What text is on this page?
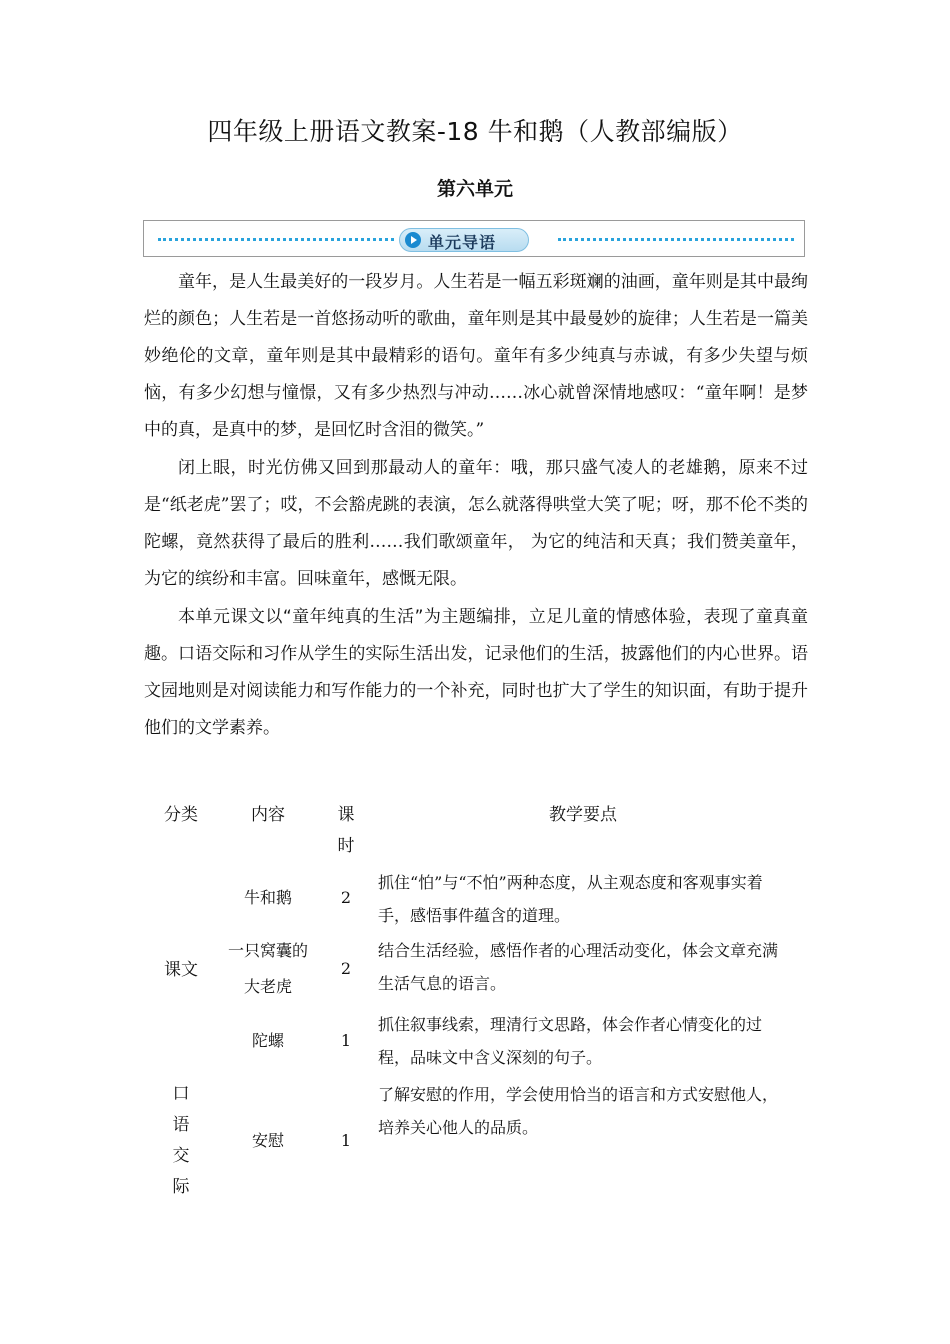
四年级上册语文教案-18 牛和鹅（人教部编版）
第六单元
单元导语

童年，是人生最美好的一段岁月。人生若是一幅五彩斑斓的油画，童年则是其中最绚烂的颜色；人生若是一首悠扬动听的歌曲，童年则是其中最曼妙的旋律；人生若是一篇美妙绝伦的文章，童年则是其中最精彩的语句。童年有多少纯真与赤诚，有多少失望与烦恼，有多少幻想与憧憬，又有多少热烈与冲动……冰心就曾深情地感叹：“童年啊！是梦中的真，是真中的梦，是回忆时含泪的微笑。”

闭上眼，时光仿佛又回到那最动人的童年：哦，那只盛气凌人的老雄鹅，原来不过是“纸老虎”罢了；哎，不会豁虎跳的表演，怎么就落得哄堂大笑了呢；呀，那不伦不类的陀螺，竟然获得了最后的胜利……我们歌颂童年， 为它的纯洁和天真；我们赞美童年，为它的缤纷和丰富。回味童年，感慨无限。

本单元课文以“童年纯真的生活”为主题编排，立足儿童的情感体验，表现了童真童趣。口语交际和习作从学生的实际生活出发，记录他们的生活，披露他们的内心世界。语文园地则是对阅读能力和写作能力的一个补充，同时也扩大了学生的知识面，有助于提升他们的文学素养。

分类	内容	课时	教学要点
课文	牛和鹅	2	抓住“怕”与“不怕”两种态度，从主观态度和客观事实着手，感悟事件蕴含的道理。
	一只窝囊的大老虎	2	结合生活经验，感悟作者的心理活动变化，体会文章充满生活气息的语言。
	陀螺	1	抓住叙事线索，理清行文思路，体会作者心情变化的过程，品味文中含义深刻的句子。
口语交际	安慰	1	了解安慰的作用，学会使用恰当的语言和方式安慰他人，培养关心他人的品质。
